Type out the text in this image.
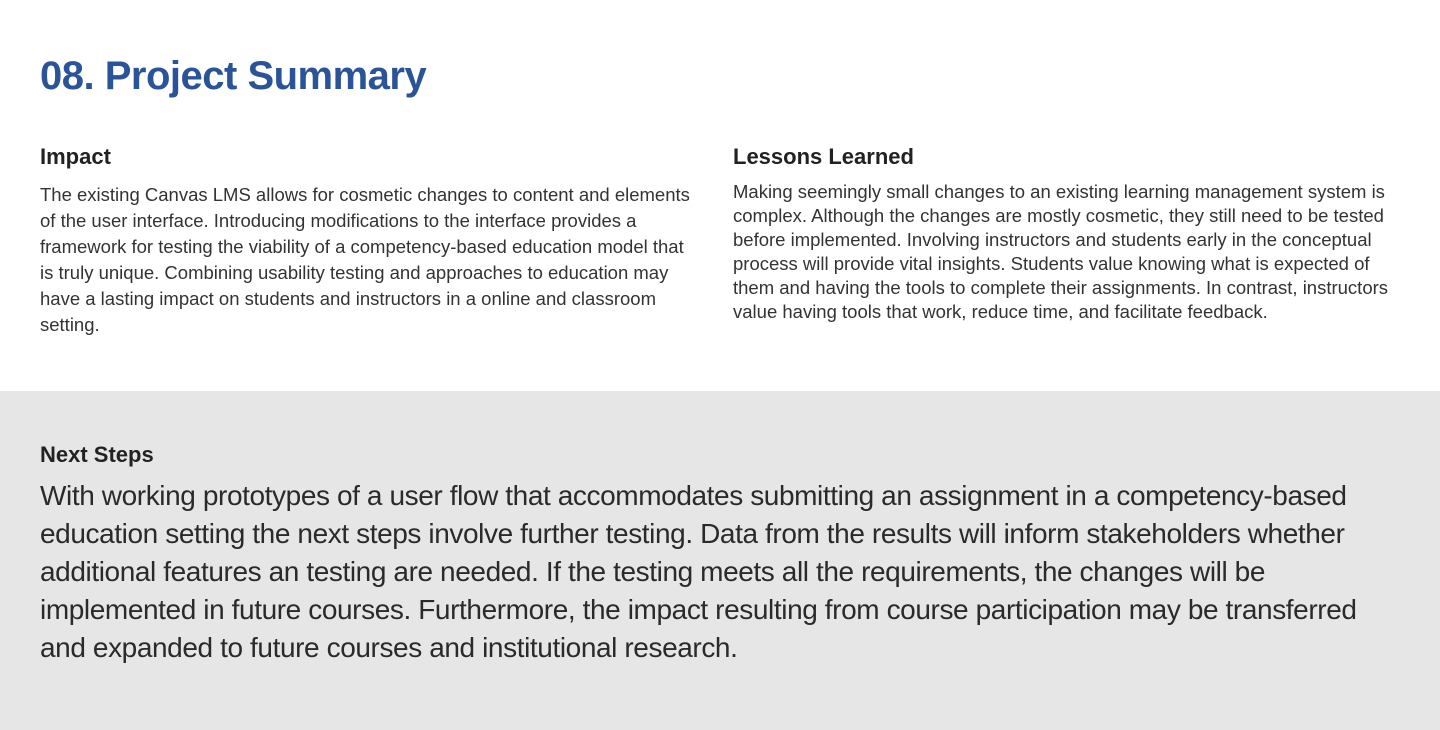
08. Project Summary
Impact

The existing Canvas LMS allows for cosmetic changes to content and elements of the user interface. Introducing modifications to the interface provides a framework for testing the viability of a competency-based education model that is truly unique. Combining usability testing and approaches to education may have a lasting impact on students and instructors in a online and classroom setting.

Lessons Learned

Making seemingly small changes to an existing learning management system is complex. Although the changes are mostly cosmetic, they still need to be tested before implemented. Involving instructors and students early in the conceptual process will provide vital insights. Students value knowing what is expected of them and having the tools to complete their assignments. In contrast, instructors value having tools that work, reduce time, and facilitate feedback.

Next Steps

With working prototypes of a user flow that accommodates submitting an assignment in a competency-based education setting the next steps involve further testing. Data from the results will inform stakeholders whether additional features an testing are needed. If the testing meets all the requirements, the changes will be implemented in future courses. Furthermore, the impact resulting from course participation may be transferred and expanded to future courses and institutional research.
